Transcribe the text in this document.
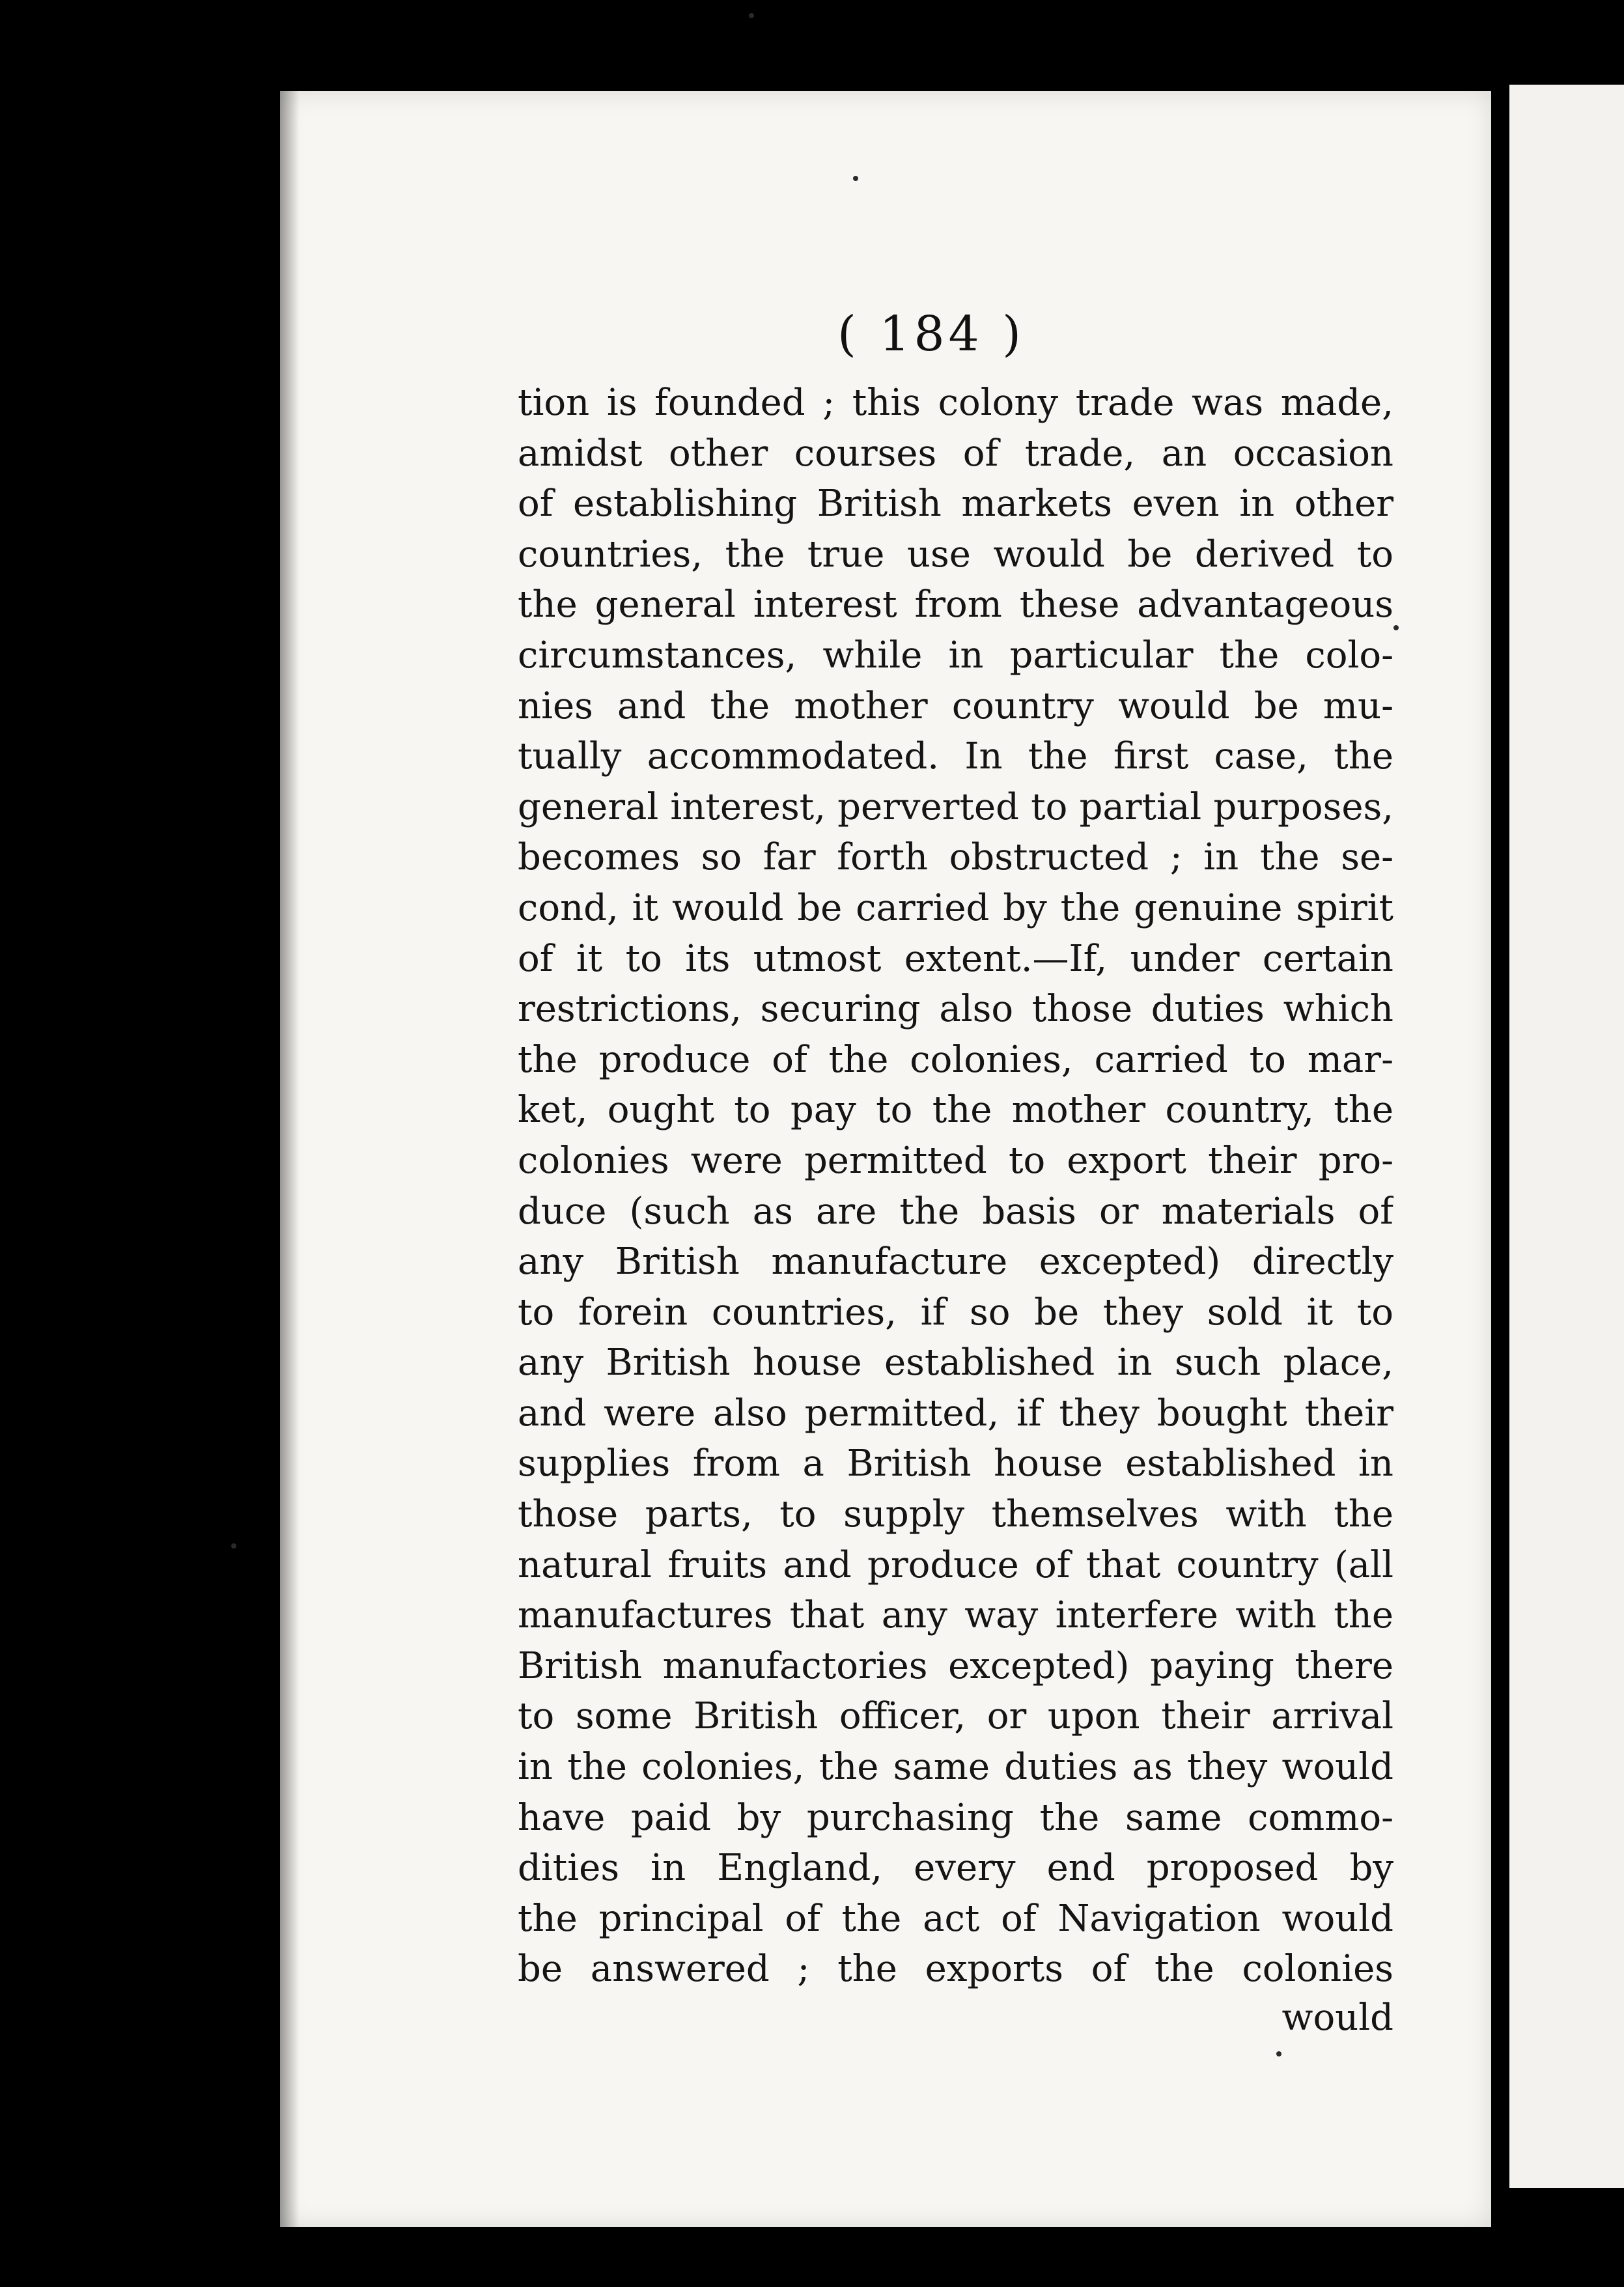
( 184 )
tion is founded ; this colony trade was made,
amidst other courses of trade, an occasion
of establishing British markets even in other
countries, the true use would be derived to
the general interest from these advantageous
circumstances, while in particular the colo-
nies and the mother country would be mu-
tually accommodated. In the first case, the
general interest, perverted to partial purposes,
becomes so far forth obstructed ; in the se-
cond, it would be carried by the genuine spirit
of it to its utmost extent.—If, under certain
restrictions, securing also those duties which
the produce of the colonies, carried to mar-
ket, ought to pay to the mother country, the
colonies were permitted to export their pro-
duce (such as are the basis or materials of
any British manufacture excepted) directly
to forein countries, if so be they sold it to
any British house established in such place,
and were also permitted, if they bought their
supplies from a British house established in
those parts, to supply themselves with the
natural fruits and produce of that country (all
manufactures that any way interfere with the
British manufactories excepted) paying there
to some British officer, or upon their arrival
in the colonies, the same duties as they would
have paid by purchasing the same commo-
dities in England, every end proposed by
the principal of the act of Navigation would
be answered ; the exports of the colonies
would
